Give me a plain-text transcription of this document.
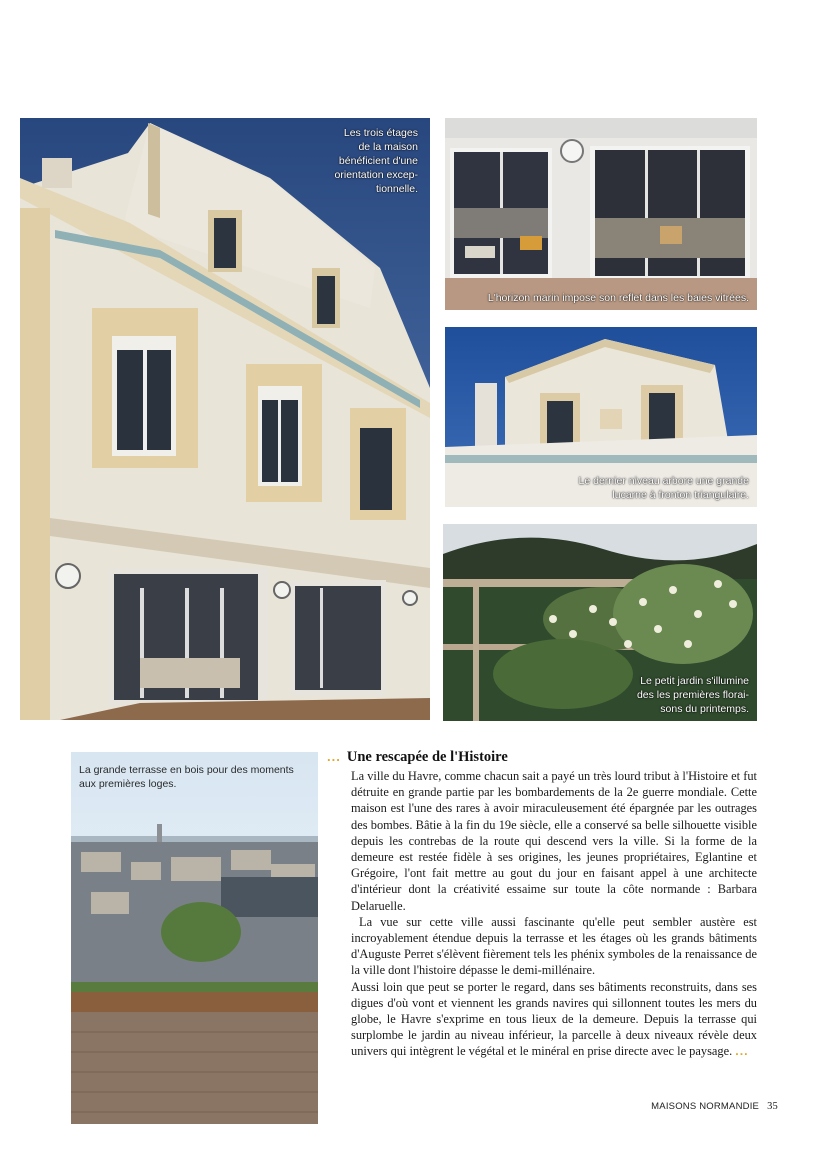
Les trois étages
de la maison
bénéficient d'une
orientation excep-
tionnelle.
L'horizon marin impose son reflet dans les baies vitrées.
Le dernier niveau arbore une grande
lucarne à fronton triangulaire.
Le petit jardin s'illumine
des les premières florai-
sons du printemps.
La grande terrasse en bois pour des moments
aux premières loges.
... Une rescapée de l'Histoire

La ville du Havre, comme chacun sait a payé un très lourd tribut à l'Histoire et fut détruite en grande partie par les bombardements de la 2e guerre mondiale. Cette maison est l'une des rares à avoir miraculeusement été épargnée par les outrages des bombes. Bâtie à la fin du 19e siècle, elle a conservé sa belle silhouette visible depuis les contrebas de la route qui descend vers la ville. Si la forme de la demeure est restée fidèle à ses origines, les jeunes propriétaires, Eglantine et Grégoire, l'ont fait mettre au gout du jour en faisant appel à une architecte d'intérieur dont la créativité essaime sur toute la côte normande : Barbara Delaruelle.

La vue sur cette ville aussi fascinante qu'elle peut sembler austère est incroyablement étendue depuis la terrasse et les étages où les grands bâtiments d'Auguste Perret s'élèvent fièrement tels les phénix symboles de la renaissance de la ville dont l'histoire dépasse le demi-millénaire.

Aussi loin que peut se porter le regard, dans ses bâtiments reconstruits, dans ses digues d'où vont et viennent les grands navires qui sillonnent toutes les mers du globe, le Havre s'exprime en tous lieux de la demeure. Depuis la terrasse qui surplombe le jardin au niveau inférieur, la parcelle à deux niveaux révèle deux univers qui intègrent le végétal et le minéral en prise directe avec le paysage. ...

MAISONS NORMANDIE 35
